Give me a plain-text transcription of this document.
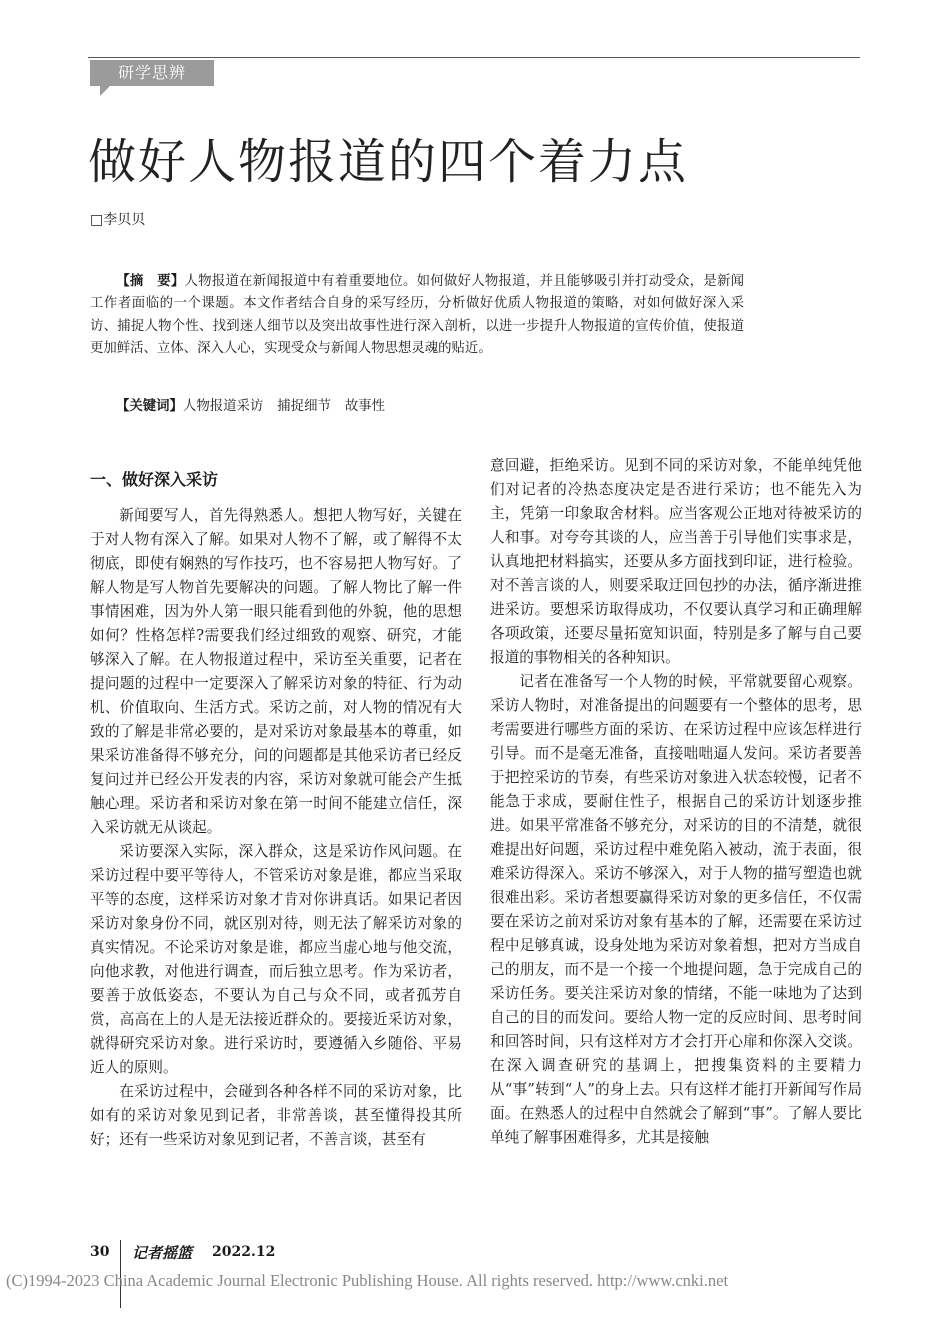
研学思辨
做好人物报道的四个着力点
□李贝贝

【摘　要】人物报道在新闻报道中有着重要地位。如何做好人物报道，并且能够吸引并打动受众，是新闻工作者面临的一个课题。本文作者结合自身的采写经历，分析做好优质人物报道的策略，对如何做好深入采访、捕捉人物个性、找到迷人细节以及突出故事性进行深入剖析，以进一步提升人物报道的宣传价值，使报道更加鲜活、立体、深入人心，实现受众与新闻人物思想灵魂的贴近。

【关键词】人物报道采访 捕捉细节 故事性

一、做好深入采访

新闻要写人，首先得熟悉人。想把人物写好，关键在于对人物有深入了解。如果对人物不了解，或了解得不太彻底，即使有娴熟的写作技巧，也不容易把人物写好。了解人物是写人物首先要解决的问题。了解人物比了解一件事情困难，因为外人第一眼只能看到他的外貌，他的思想如何？性格怎样?需要我们经过细致的观察、研究，才能够深入了解。在人物报道过程中，采访至关重要，记者在提问题的过程中一定要深入了解采访对象的特征、行为动机、价值取向、生活方式。采访之前，对人物的情况有大致的了解是非常必要的，是对采访对象最基本的尊重，如果采访准备得不够充分，问的问题都是其他采访者已经反复问过并已经公开发表的内容，采访对象就可能会产生抵触心理。采访者和采访对象在第一时间不能建立信任，深入采访就无从谈起。

采访要深入实际，深入群众，这是采访作风问题。在采访过程中要平等待人，不管采访对象是谁，都应当采取平等的态度，这样采访对象才肯对你讲真话。如果记者因采访对象身份不同，就区别对待，则无法了解采访对象的真实情况。不论采访对象是谁，都应当虚心地与他交流，向他求教，对他进行调查，而后独立思考。作为采访者，要善于放低姿态，不要认为自己与众不同，或者孤芳自赏，高高在上的人是无法接近群众的。要接近采访对象，就得研究采访对象。进行采访时，要遵循入乡随俗、平易近人的原则。

在采访过程中，会碰到各种各样不同的采访对象，比如有的采访对象见到记者，非常善谈，甚至懂得投其所好；还有一些采访对象见到记者，不善言谈，甚至有

意回避，拒绝采访。见到不同的采访对象，不能单纯凭他们对记者的冷热态度决定是否进行采访；也不能先入为主，凭第一印象取舍材料。应当客观公正地对待被采访的人和事。对夸夸其谈的人，应当善于引导他们实事求是，认真地把材料搞实，还要从多方面找到印证，进行检验。对不善言谈的人，则要采取迂回包抄的办法，循序渐进推进采访。要想采访取得成功，不仅要认真学习和正确理解各项政策，还要尽量拓宽知识面，特别是多了解与自己要报道的事物相关的各种知识。

记者在准备写一个人物的时候，平常就要留心观察。采访人物时，对准备提出的问题要有一个整体的思考，思考需要进行哪些方面的采访、在采访过程中应该怎样进行引导。而不是毫无准备，直接咄咄逼人发问。采访者要善于把控采访的节奏，有些采访对象进入状态较慢，记者不能急于求成，要耐住性子，根据自己的采访计划逐步推进。如果平常准备不够充分，对采访的目的不清楚，就很难提出好问题，采访过程中难免陷入被动，流于表面，很难采访得深入。采访不够深入，对于人物的描写塑造也就很难出彩。采访者想要赢得采访对象的更多信任，不仅需要在采访之前对采访对象有基本的了解，还需要在采访过程中足够真诚，设身处地为采访对象着想，把对方当成自己的朋友，而不是一个接一个地提问题，急于完成自己的采访任务。要关注采访对象的情绪，不能一味地为了达到自己的目的而发问。要给人物一定的反应时间、思考时间和回答时间，只有这样对方才会打开心扉和你深入交谈。在深入调查研究的基调上，把搜集资料的主要精力从“事”转到“人”的身上去。只有这样才能打开新闻写作局面。在熟悉人的过程中自然就会了解到“事”。了解人要比单纯了解事困难得多，尤其是接触

30 记者摇篮 2022.12
(C)1994-2023 China Academic Journal Electronic Publishing House. All rights reserved. http://www.cnki.net
